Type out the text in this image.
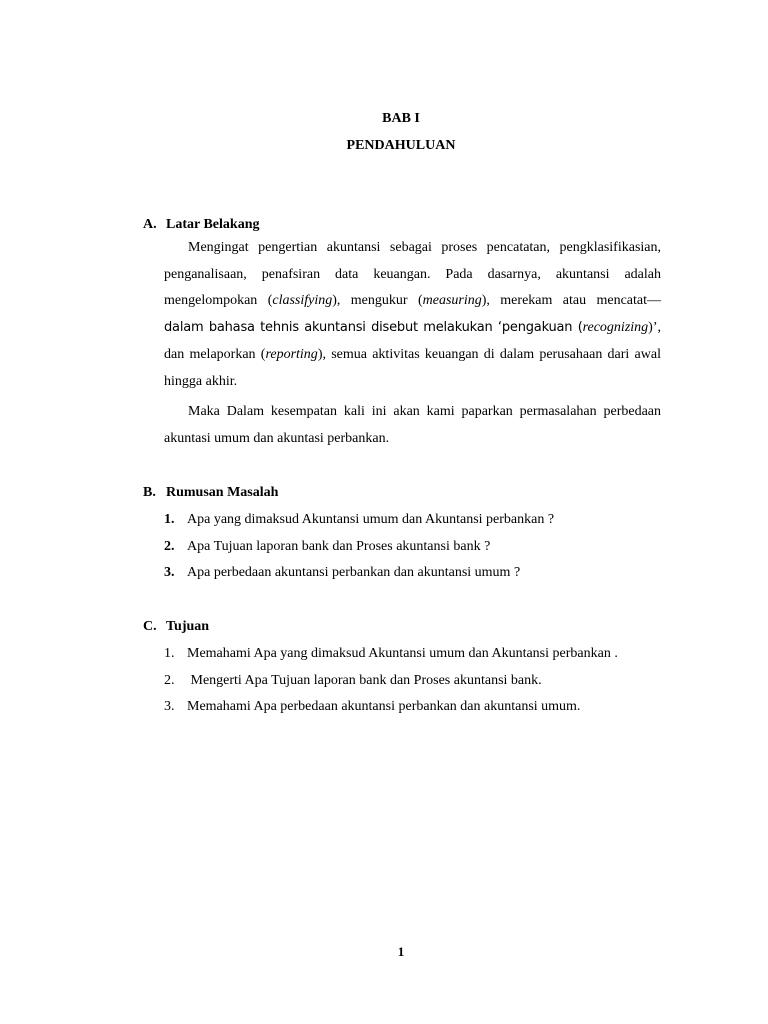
BAB I
PENDAHULUAN
A. Latar Belakang
Mengingat pengertian akuntansi sebagai proses pencatatan, pengklasifikasian, penganalisaan, penafsiran data keuangan. Pada dasarnya, akuntansi adalah mengelompokan (classifying), mengukur (measuring), merekam atau mencatat— dalam bahasa tehnis akuntansi disebut melakukan ‘pengakuan (recognizing)’, dan melaporkan (reporting), semua aktivitas keuangan di dalam perusahaan dari awal hingga akhir.
Maka Dalam kesempatan kali ini akan kami paparkan permasalahan perbedaan akuntasi umum dan akuntasi perbankan.
B. Rumusan Masalah
1. Apa yang dimaksud Akuntansi umum dan Akuntansi perbankan ?
2. Apa Tujuan laporan bank dan Proses akuntansi bank ?
3. Apa perbedaan akuntansi perbankan dan akuntansi umum ?
C. Tujuan
1. Memahami Apa yang dimaksud Akuntansi umum dan Akuntansi perbankan .
2. Mengerti Apa Tujuan laporan bank dan Proses akuntansi bank.
3. Memahami Apa perbedaan akuntansi perbankan dan akuntansi umum.
1
